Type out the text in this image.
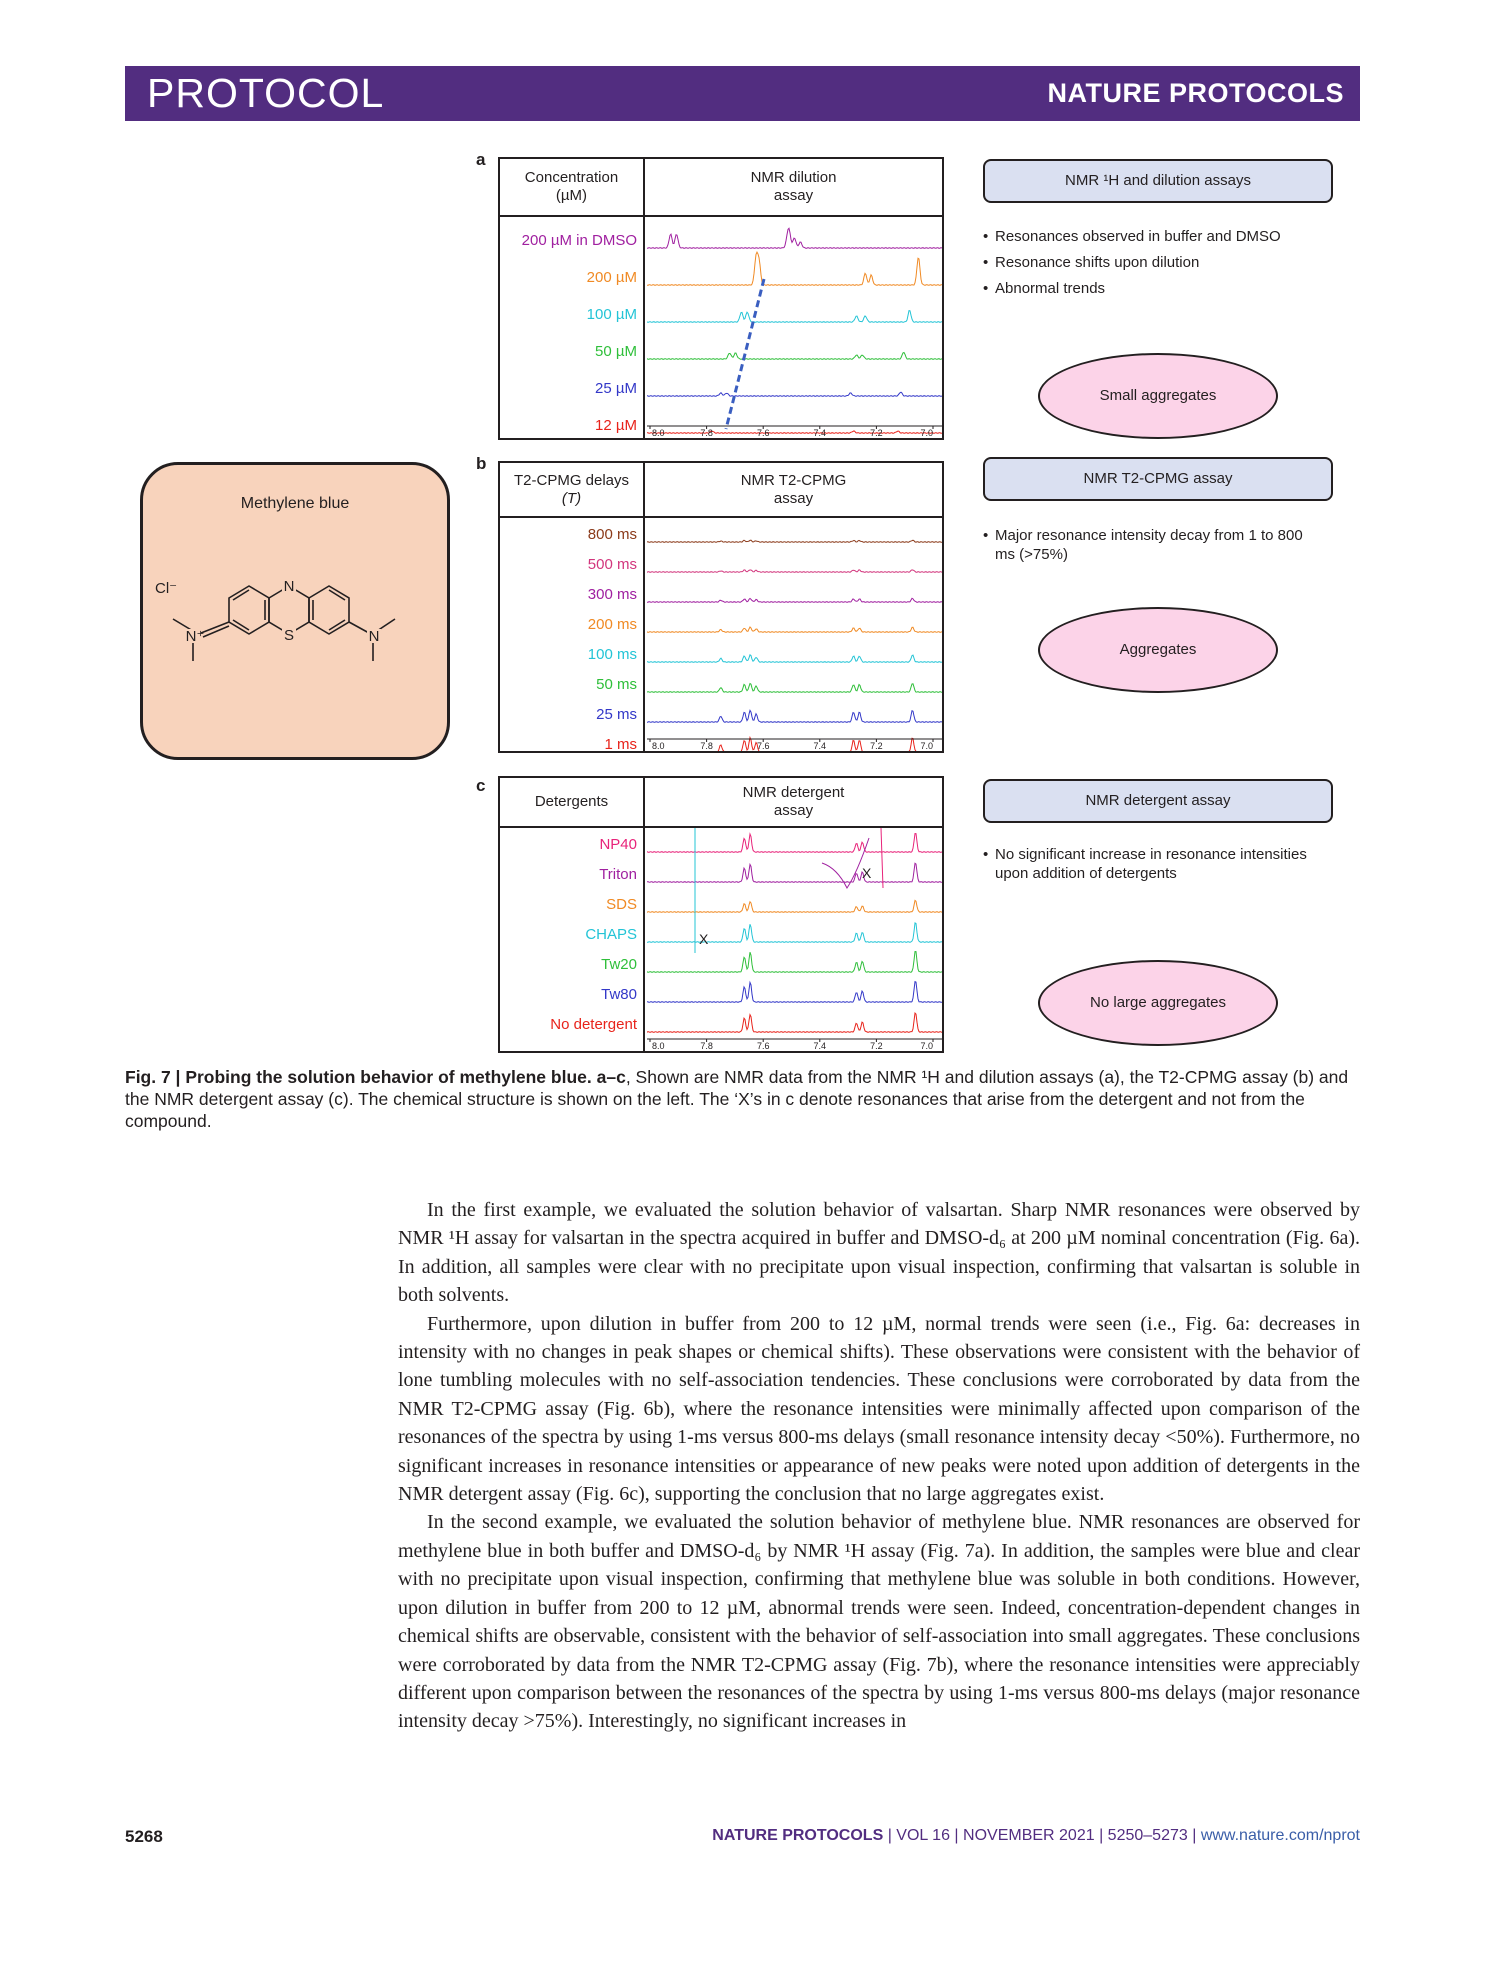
PROTOCOL	NATURE PROTOCOLS
Methylene blue
N
S
N⁺	N
Cl⁻
a
b
c
Concentration
(µM)
NMR dilution
assay
200 µM in DMSO
200 µM
100 µM
50 µM
25 µM
12 µM 8.0	7.8	7.6	7.4	7.2	7.0
T2-CPMG delays
(T)
NMR T2-CPMG
assay
800 ms
500 ms
300 ms
200 ms
100 ms
50 ms
25 ms
1 ms 8.0	7.8	7.6	7.4	7.2	7.0
Detergents
NMR detergent
assay
NP40
Triton
SDS
CHAPS
Tw20
Tw80
No detergent
8.0	7.8	7.6	7.4	7.2	7.0
X
X
NMR ¹H and dilution assays
• Resonances observed in buffer and DMSO
• Resonance shifts upon dilution
• Abnormal trends
Small aggregates
NMR T2-CPMG assay
• Major resonance intensity decay from 1 to 800 ms (>75%)
Aggregates
NMR detergent assay
• No significant increase in resonance intensities upon addition of detergents
No large aggregates
Fig. 7 | Probing the solution behavior of methylene blue. a–c, Shown are NMR data from the NMR ¹H and dilution assays (a), the T2-CPMG assay (b) and the NMR detergent assay (c). The chemical structure is shown on the left. The ‘X’s in c denote resonances that arise from the detergent and not from the compound.

In the first example, we evaluated the solution behavior of valsartan. Sharp NMR resonances were observed by NMR ¹H assay for valsartan in the spectra acquired in buffer and DMSO-d₆ at 200 µM nominal concentration (Fig. 6a). In addition, all samples were clear with no precipitate upon visual inspection, confirming that valsartan is soluble in both solvents.

Furthermore, upon dilution in buffer from 200 to 12 µM, normal trends were seen (i.e., Fig. 6a: decreases in intensity with no changes in peak shapes or chemical shifts). These observations were consistent with the behavior of lone tumbling molecules with no self-association tendencies. These conclusions were corroborated by data from the NMR T2-CPMG assay (Fig. 6b), where the resonance intensities were minimally affected upon comparison of the resonances of the spectra by using 1-ms versus 800-ms delays (small resonance intensity decay <50%). Furthermore, no significant increases in resonance intensities or appearance of new peaks were noted upon addition of detergents in the NMR detergent assay (Fig. 6c), supporting the conclusion that no large aggregates exist.

In the second example, we evaluated the solution behavior of methylene blue. NMR resonances are observed for methylene blue in both buffer and DMSO-d₆ by NMR ¹H assay (Fig. 7a). In addition, the samples were blue and clear with no precipitate upon visual inspection, confirming that methylene blue was soluble in both conditions. However, upon dilution in buffer from 200 to 12 µM, abnormal trends were seen. Indeed, concentration-dependent changes in chemical shifts are observable, consistent with the behavior of self-association into small aggregates. These conclusions were corroborated by data from the NMR T2-CPMG assay (Fig. 7b), where the resonance intensities were appreciably different upon comparison between the resonances of the spectra by using 1-ms versus 800-ms delays (major resonance intensity decay >75%). Interestingly, no significant increases in

5268	NATURE PROTOCOLS | VOL 16 | NOVEMBER 2021 | 5250–5273 | www.nature.com/nprot
